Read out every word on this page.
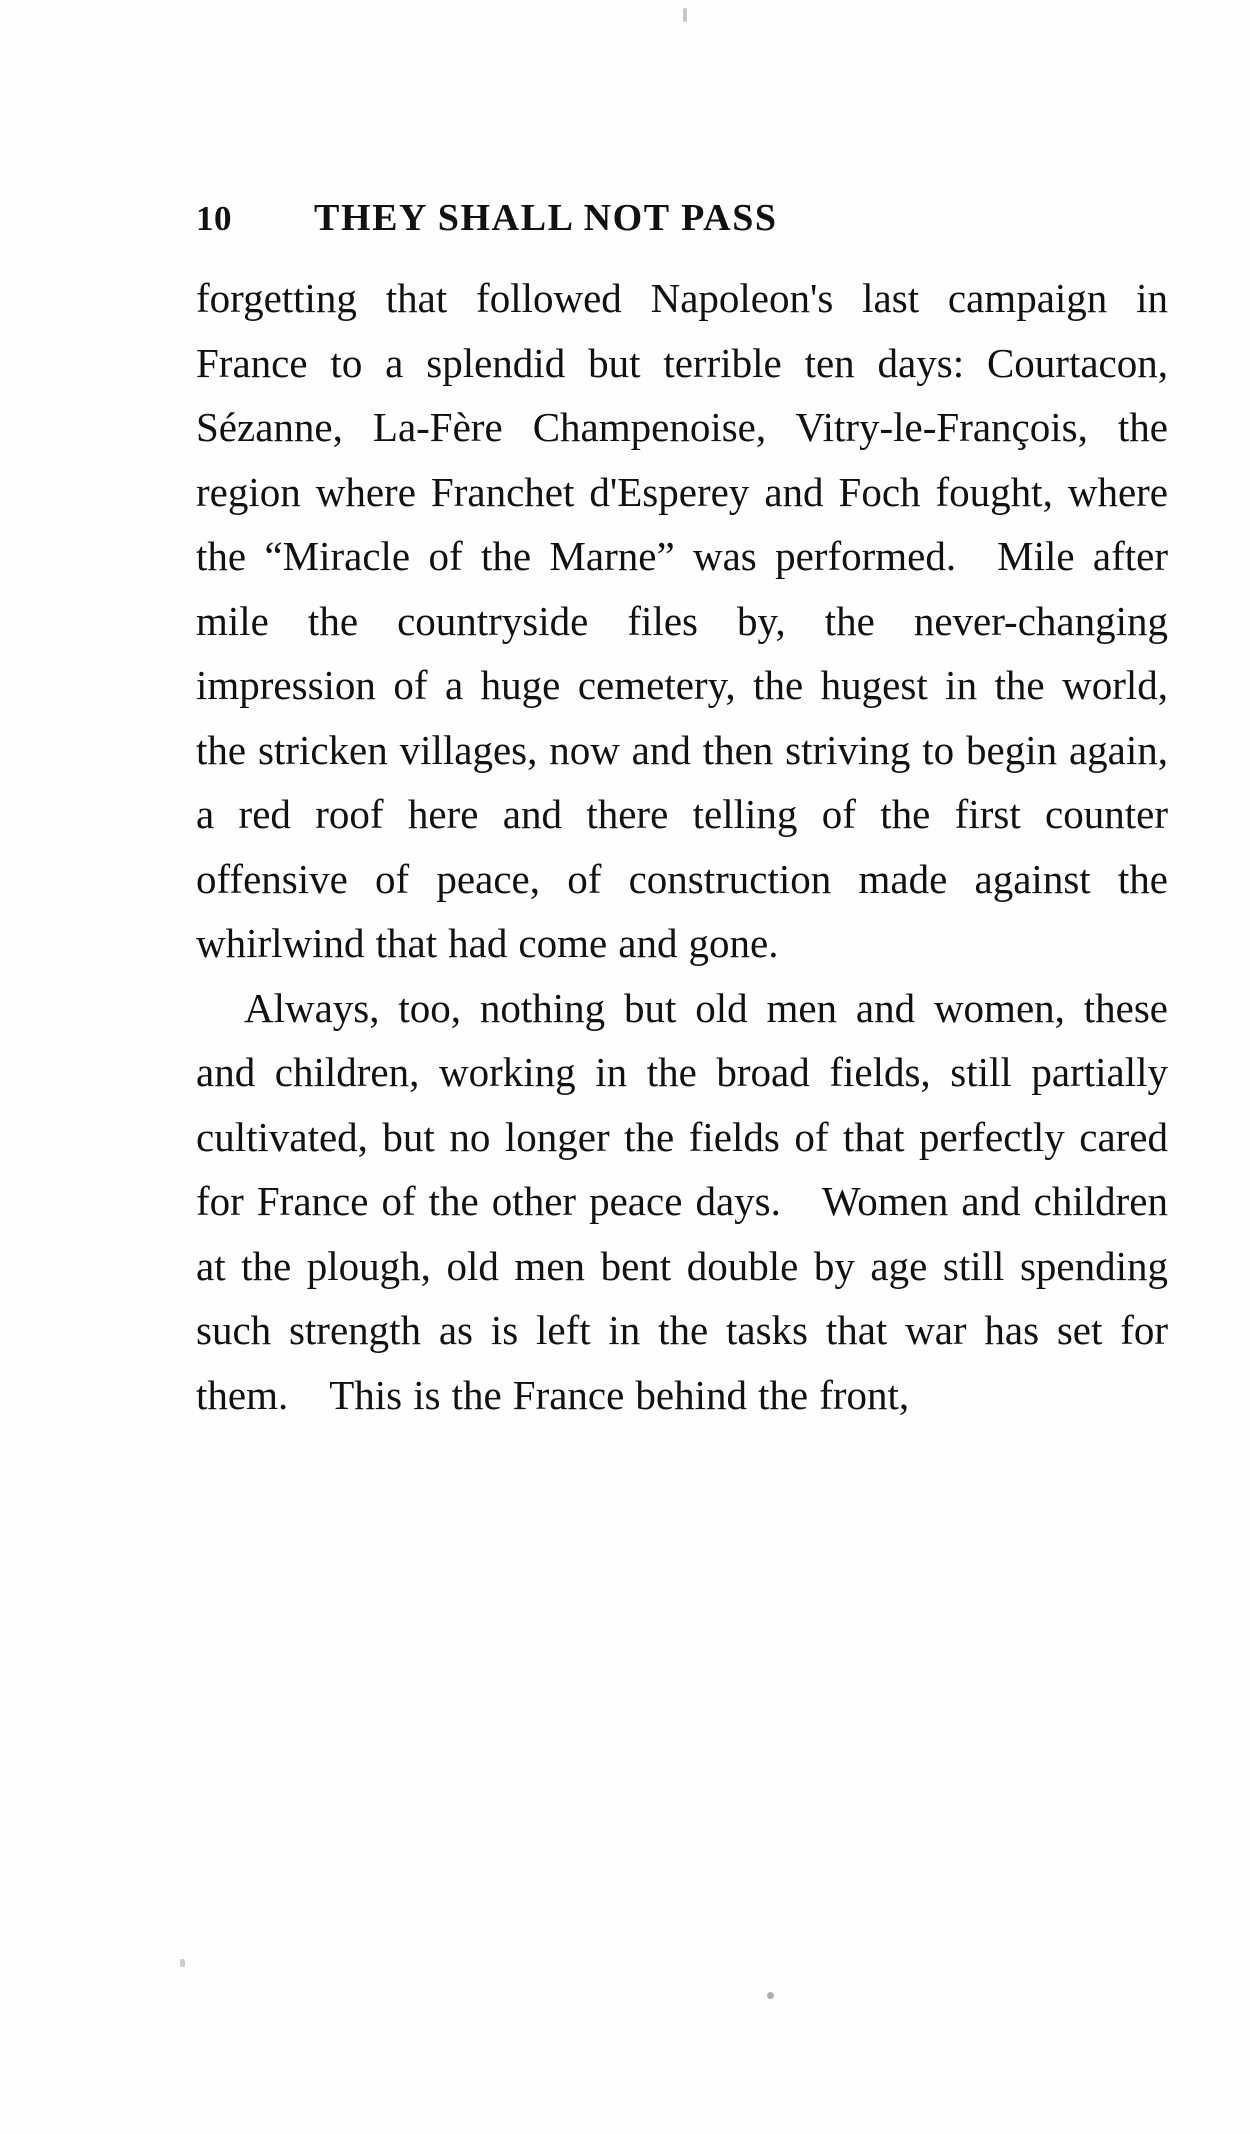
10	THEY SHALL NOT PASS

forgetting that followed Napoleon's last campaign in France to a splendid but terrible ten days: Courtacon, Sézanne, La-Fère Champenoise, Vitry-le-François, the region where Franchet d'Esperey and Foch fought, where the “Miracle of the Marne” was performed. Mile after mile the countryside files by, the never-changing impression of a huge cemetery, the hugest in the world, the stricken villages, now and then striving to begin again, a red roof here and there telling of the first counter offensive of peace, of construction made against the whirlwind that had come and gone.

Always, too, nothing but old men and women, these and children, working in the broad fields, still partially cultivated, but no longer the fields of that perfectly cared for France of the other peace days. Women and children at the plough, old men bent double by age still spending such strength as is left in the tasks that war has set for them. This is the France behind the front,
